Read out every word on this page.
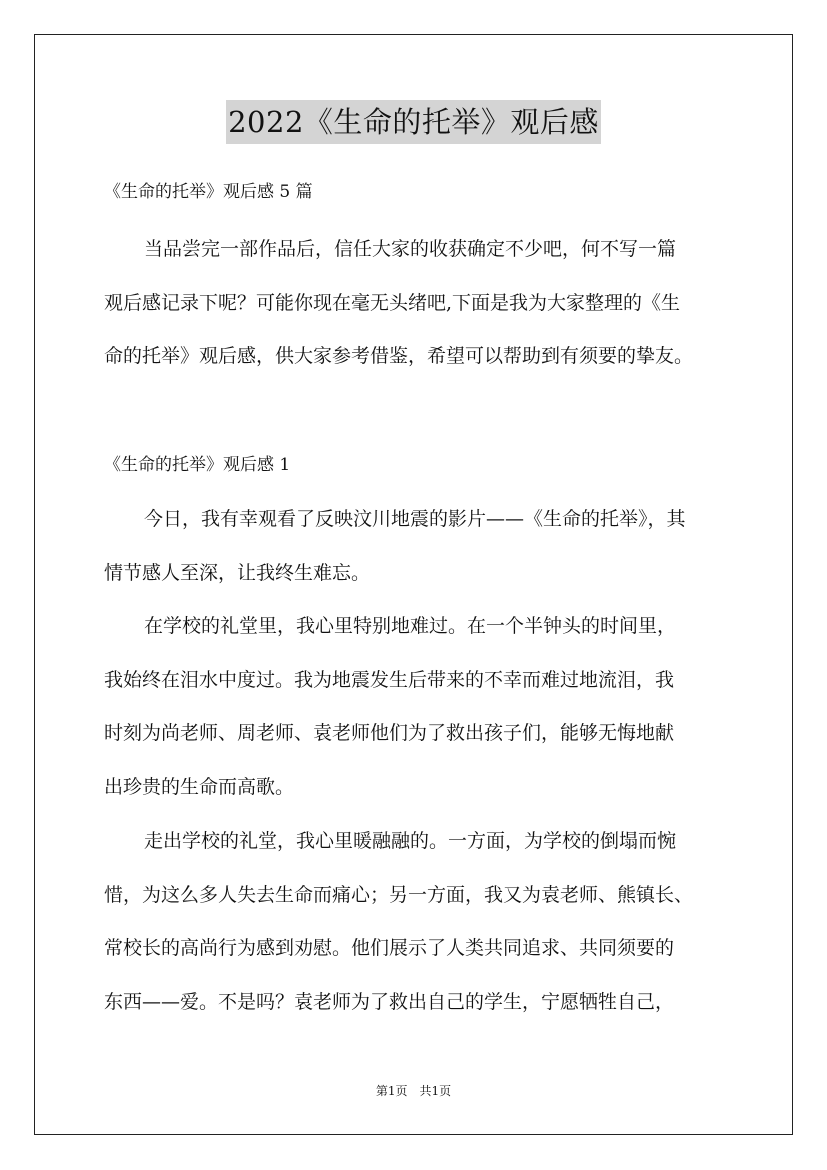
2022《生命的托举》观后感
《生命的托举》观后感 5 篇
当品尝完一部作品后，信任大家的收获确定不少吧，何不写一篇
观后感记录下呢？可能你现在毫无头绪吧,下面是我为大家整理的《生
命的托举》观后感，供大家参考借鉴，希望可以帮助到有须要的挚友。
《生命的托举》观后感 1
今日，我有幸观看了反映汶川地震的影片——《生命的托举》，其
情节感人至深，让我终生难忘。
在学校的礼堂里，我心里特别地难过。在一个半钟头的时间里，
我始终在泪水中度过。我为地震发生后带来的不幸而难过地流泪，我
时刻为尚老师、周老师、袁老师他们为了救出孩子们，能够无悔地献
出珍贵的生命而高歌。
走出学校的礼堂，我心里暖融融的。一方面，为学校的倒塌而惋
惜，为这么多人失去生命而痛心；另一方面，我又为袁老师、熊镇长、
常校长的高尚行为感到劝慰。他们展示了人类共同追求、共同须要的
东西——爱。不是吗？袁老师为了救出自己的学生，宁愿牺牲自己，
第1页　共1页
